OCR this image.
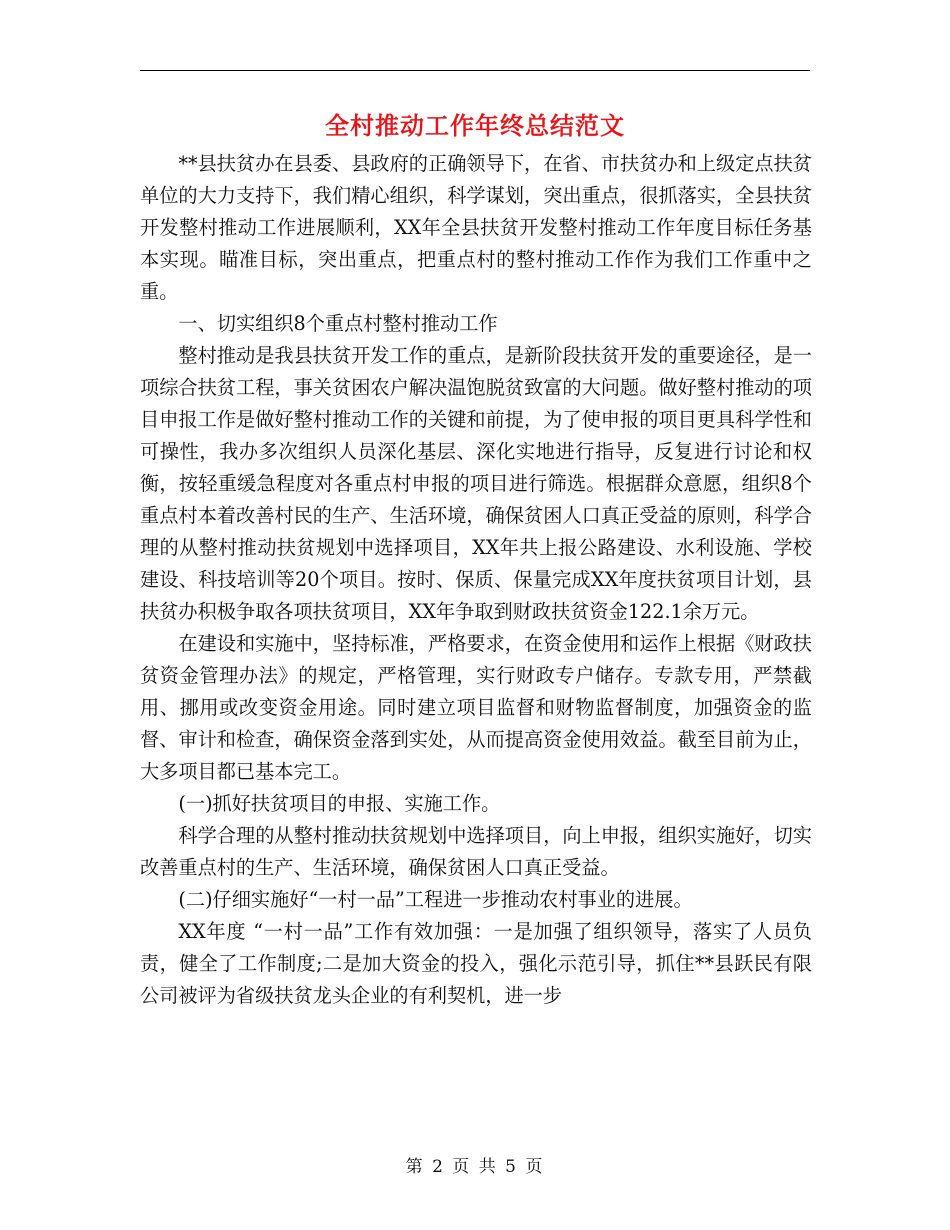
全村推动工作年终总结范文

**县扶贫办在县委、县政府的正确领导下，在省、市扶贫办和上级定点扶贫单位的大力支持下，我们精心组织，科学谋划，突出重点，很抓落实，全县扶贫开发整村推动工作进展顺利，XX年全县扶贫开发整村推动工作年度目标任务基本实现。瞄准目标，突出重点，把重点村的整村推动工作作为我们工作重中之重。

一、切实组织8个重点村整村推动工作

整村推动是我县扶贫开发工作的重点，是新阶段扶贫开发的重要途径，是一项综合扶贫工程，事关贫困农户解决温饱脱贫致富的大问题。做好整村推动的项目申报工作是做好整村推动工作的关键和前提，为了使申报的项目更具科学性和可操性，我办多次组织人员深化基层、深化实地进行指导，反复进行讨论和权衡，按轻重缓急程度对各重点村申报的项目进行筛选。根据群众意愿，组织8个重点村本着改善村民的生产、生活环境，确保贫困人口真正受益的原则，科学合理的从整村推动扶贫规划中选择项目，XX年共上报公路建设、水利设施、学校建设、科技培训等20个项目。按时、保质、保量完成XX年度扶贫项目计划，县扶贫办积极争取各项扶贫项目，XX年争取到财政扶贫资金122.1余万元。

在建设和实施中，坚持标准，严格要求，在资金使用和运作上根据《财政扶贫资金管理办法》的规定，严格管理，实行财政专户储存。专款专用，严禁截用、挪用或改变资金用途。同时建立项目监督和财物监督制度，加强资金的监督、审计和检查，确保资金落到实处，从而提高资金使用效益。截至目前为止，大多项目都已基本完工。

(一)抓好扶贫项目的申报、实施工作。

科学合理的从整村推动扶贫规划中选择项目，向上申报，组织实施好，切实改善重点村的生产、生活环境，确保贫困人口真正受益。

(二)仔细实施好“一村一品”工程进一步推动农村事业的进展。

XX年度 “一村一品”工作有效加强：一是加强了组织领导，落实了人员负责，健全了工作制度;二是加大资金的投入，强化示范引导，抓住**县跃民有限公司被评为省级扶贫龙头企业的有利契机，进一步

第 2 页 共 5 页
